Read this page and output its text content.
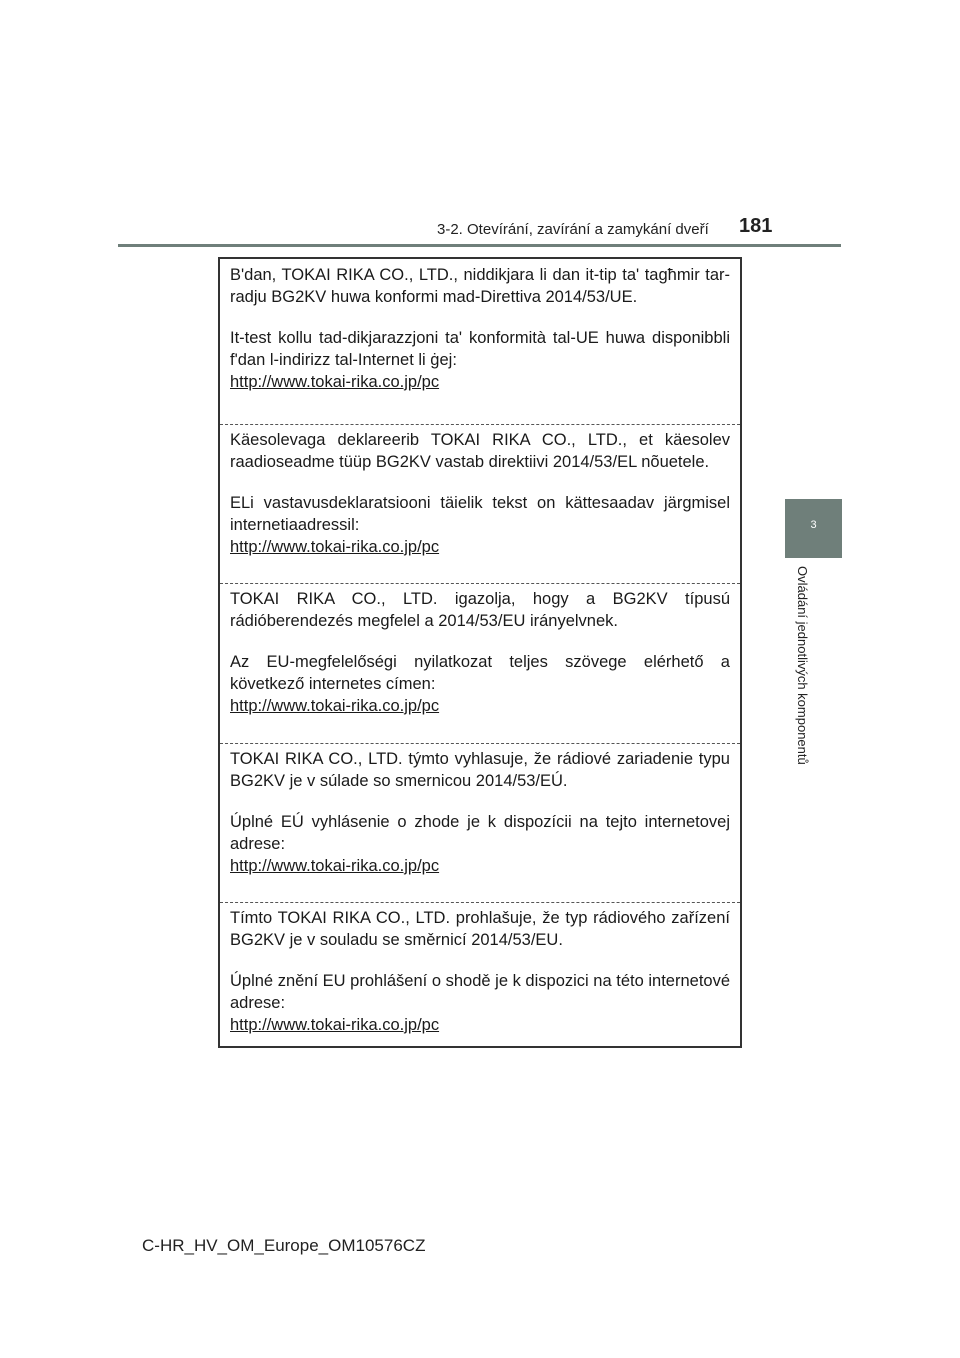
3-2. Otevírání, zavírání a zamykání dveří 181
3
Ovládání jednotlivých komponentů

B'dan, TOKAI RIKA CO., LTD., niddikjara li dan it-tip ta' tagħmir tar-radju BG2KV huwa konformi mad-Direttiva 2014/53/UE.

It-test kollu tad-dikjarazzjoni ta' konformità tal-UE huwa disponibbli f'dan l-indirizz tal-Internet li ġej:

http://www.tokai-rika.co.jp/pc

Käesolevaga deklareerib TOKAI RIKA CO., LTD., et käesolev raadioseadme tüüp BG2KV vastab direktiivi 2014/53/EL nõuetele.

ELi vastavusdeklaratsiooni täielik tekst on kättesaadav järgmisel internetiaadressil:

http://www.tokai-rika.co.jp/pc

TOKAI RIKA CO., LTD. igazolja, hogy a BG2KV típusú rádióberendezés megfelel a 2014/53/EU irányelvnek.

Az EU-megfelelőségi nyilatkozat teljes szövege elérhető a következő internetes címen:

http://www.tokai-rika.co.jp/pc

TOKAI RIKA CO., LTD. týmto vyhlasuje, že rádiové zariadenie typu BG2KV je v súlade so smernicou 2014/53/EÚ.

Úplné EÚ vyhlásenie o zhode je k dispozícii na tejto internetovej adrese:

http://www.tokai-rika.co.jp/pc

Tímto TOKAI RIKA CO., LTD. prohlašuje, že typ rádiového zařízení BG2KV je v souladu se směrnicí 2014/53/EU.

Úplné znění EU prohlášení o shodě je k dispozici na této internetové adrese:

http://www.tokai-rika.co.jp/pc
C-HR_HV_OM_Europe_OM10576CZ
